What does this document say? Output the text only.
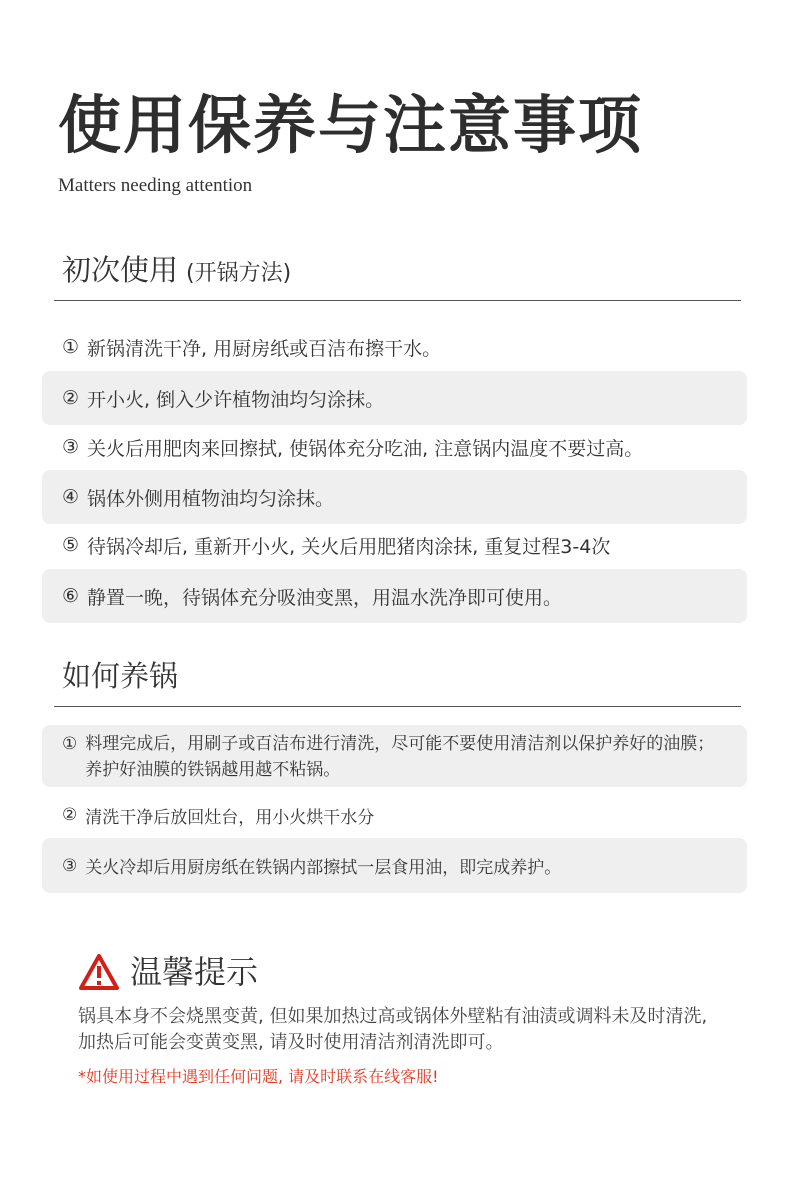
使用保养与注意事项
Matters needing attention
初次使用 (开锅方法)
① 新锅清洗干净, 用厨房纸或百洁布擦干水。
② 开小火, 倒入少许植物油均匀涂抹。
③ 关火后用肥肉来回擦拭, 使锅体充分吃油, 注意锅内温度不要过高。
④ 锅体外侧用植物油均匀涂抹。
⑤ 待锅冷却后, 重新开小火, 关火后用肥猪肉涂抹, 重复过程3-4次
⑥ 静置一晚，待锅体充分吸油变黑，用温水洗净即可使用。
如何养锅
① 料理完成后，用刷子或百洁布进行清洗，尽可能不要使用清洁剂以保护养好的油膜；养护好油膜的铁锅越用越不粘锅。
② 清洗干净后放回灶台，用小火烘干水分
③ 关火冷却后用厨房纸在铁锅内部擦拭一层食用油，即完成养护。
温馨提示
锅具本身不会烧黑变黄, 但如果加热过高或锅体外壁粘有油渍或调料未及时清洗, 加热后可能会变黄变黑, 请及时使用清洁剂清洗即可。
*如使用过程中遇到任何问题, 请及时联系在线客服!
